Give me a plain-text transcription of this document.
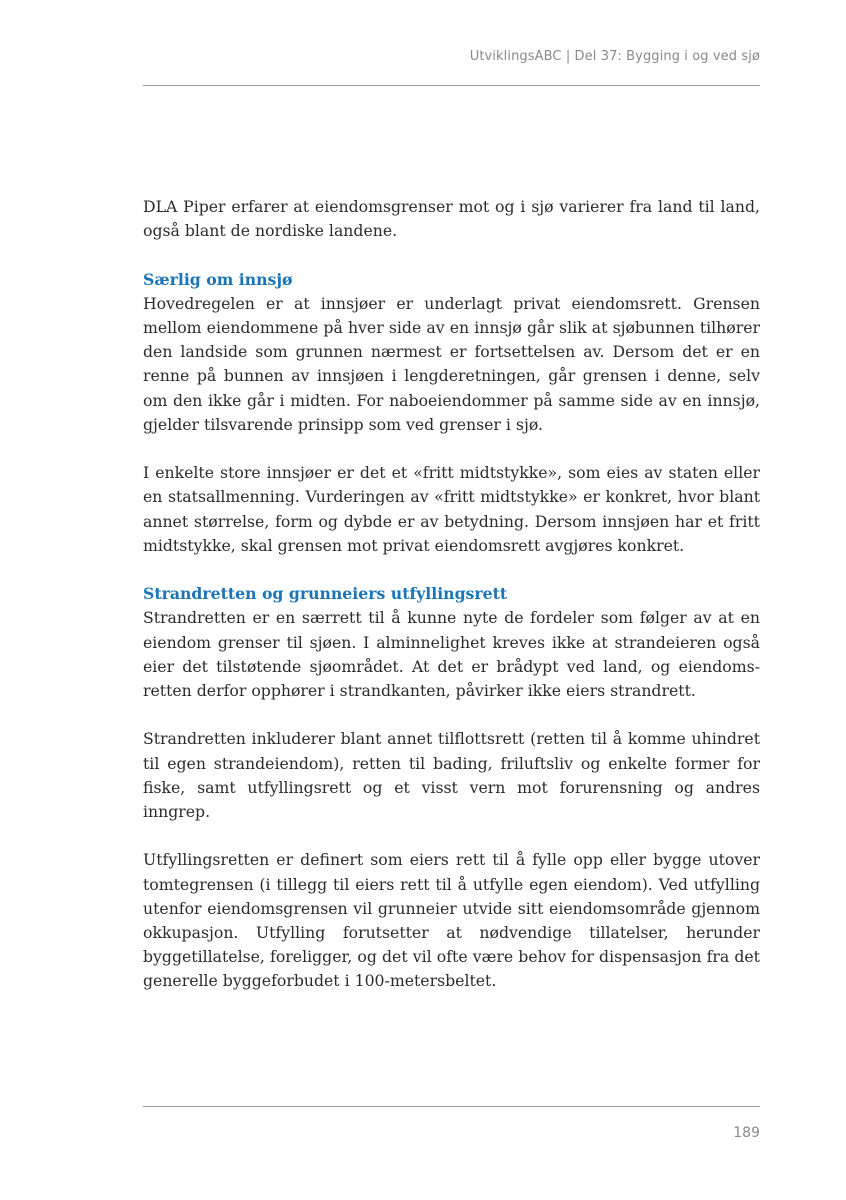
UtviklingsABC | Del 37: Bygging i og ved sjø

DLA Piper erfarer at eiendomsgrenser mot og i sjø varierer fra land til land, også blant de nordiske landene.

Særlig om innsjø
Hovedregelen er at innsjøer er underlagt privat eiendomsrett. Grensen mellom eiendommene på hver side av en innsjø går slik at sjøbunnen tilhører den landside som grunnen nærmest er fortsettelsen av. Dersom det er en renne på bunnen av innsjøen i lengderetningen, går grensen i denne, selv om den ikke går i midten. For naboeiendommer på samme side av en innsjø, gjelder tilsvarende prinsipp som ved grenser i sjø.

I enkelte store innsjøer er det et «fritt midtstykke», som eies av staten eller en statsallmenning. Vurderingen av «fritt midtstykke» er konkret, hvor blant annet størrelse, form og dybde er av betydning. Dersom innsjøen har et fritt midtstykke, skal grensen mot privat eiendomsrett avgjøres konkret.

Strandretten og grunneiers utfyllingsrett
Strandretten er en særrett til å kunne nyte de fordeler som følger av at en eiendom grenser til sjøen. I alminnelighet kreves ikke at strandeieren også eier det tilstøtende sjøområdet. At det er brådypt ved land, og eiendomsretten derfor opphører i strandkanten, påvirker ikke eiers strandrett.

Strandretten inkluderer blant annet tilflottsrett (retten til å komme uhindret til egen strandeiendom), retten til bading, friluftsliv og enkelte former for fiske, samt utfyllingsrett og et visst vern mot forurensning og andres inngrep.

Utfyllingsretten er definert som eiers rett til å fylle opp eller bygge utover tomtegrensen (i tillegg til eiers rett til å utfylle egen eiendom). Ved utfylling utenfor eiendomsgrensen vil grunneier utvide sitt eiendomsområde gjennom okkupasjon. Utfylling forutsetter at nødvendige tillatelser, herunder byggetillatelse, foreligger, og det vil ofte være behov for dispensasjon fra det generelle byggeforbudet i 100-metersbeltet.

189
